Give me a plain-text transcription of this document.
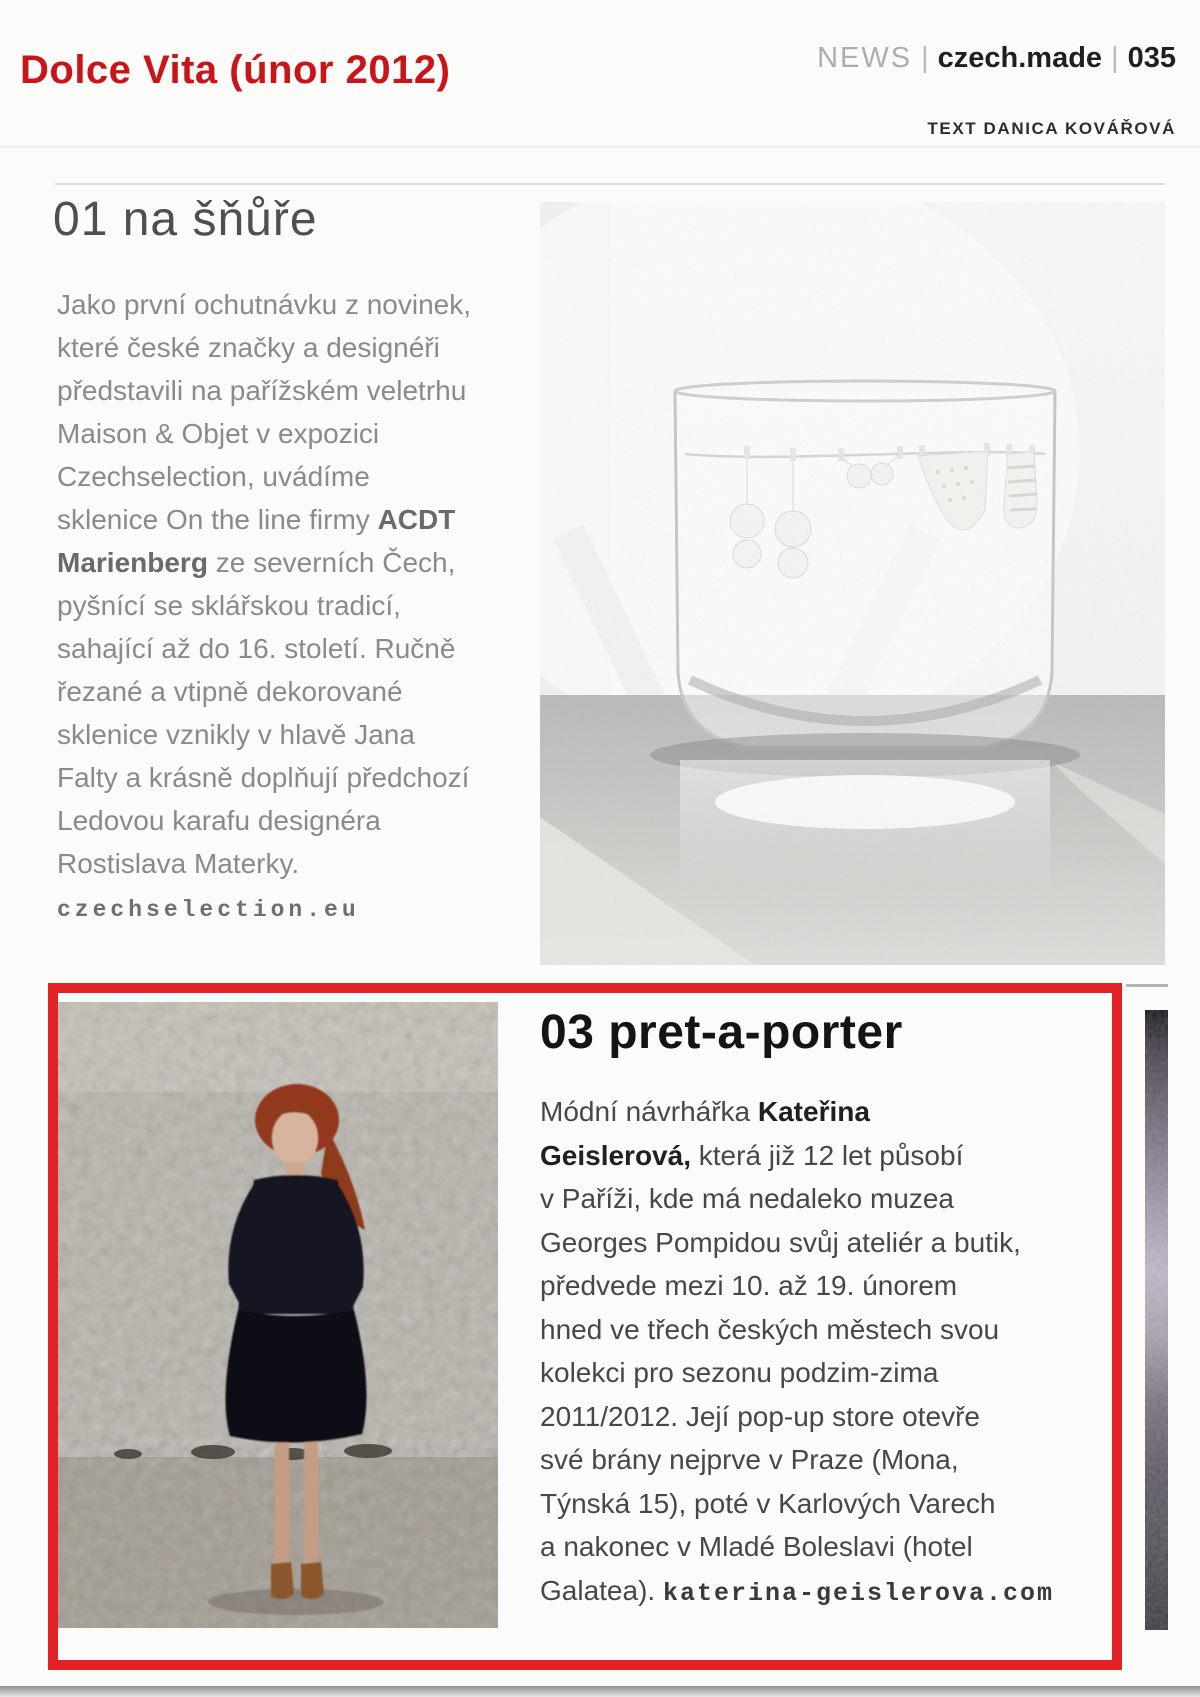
Dolce Vita (únor 2012)	NEWS | czech.made | 035
TEXT DANICA KOVÁŘOVÁ
01 na šňůře
Jako první ochutnávku z novinek,
které české značky a designéři
představili na pařížském veletrhu
Maison & Objet v expozici
Czechselection, uvádíme
sklenice On the line firmy ACDT
Marienberg ze severních Čech,
pyšnící se sklářskou tradicí,
sahající až do 16. století. Ručně
řezané a vtipně dekorované
sklenice vznikly v hlavě Jana
Falty a krásně doplňují předchozí
Ledovou karafu designéra
Rostislava Materky.
czechselection.eu
03 pret-a-porter
Módní návrhářka Kateřina
Geislerová, která již 12 let působí
v Paříži, kde má nedaleko muzea
Georges Pompidou svůj ateliér a butik,
předvede mezi 10. až 19. únorem
hned ve třech českých městech svou
kolekci pro sezonu podzim-zima
2011/2012. Její pop-up store otevře
své brány nejprve v Praze (Mona,
Týnská 15), poté v Karlových Varech
a nakonec v Mladé Boleslavi (hotel
Galatea). katerina-geislerova.com
